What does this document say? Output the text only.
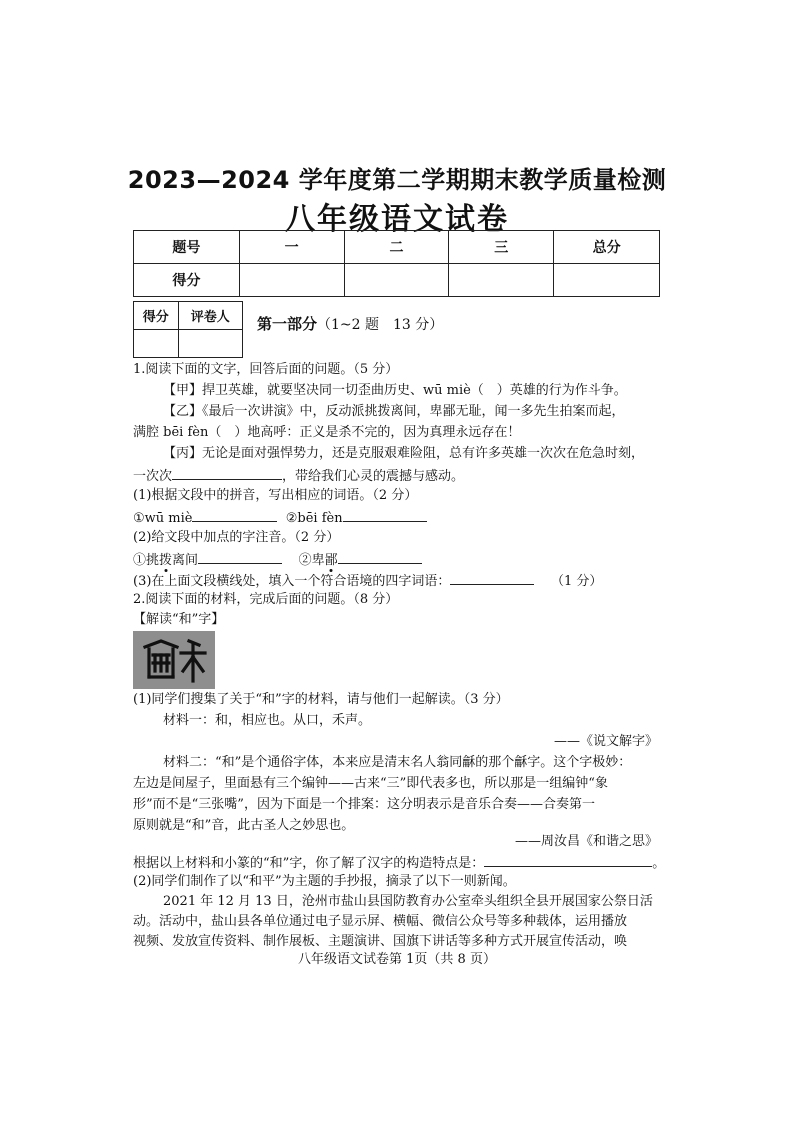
2023—2024 学年度第二学期期末教学质量检测
八年级语文试卷
题号	一	二	三	总分
得分				
得分	评卷人
	第一部分（1~2 题　13 分）
1.阅读下面的文字，回答后面的问题。（5 分）
【甲】捍卫英雄，就要坚决同一切歪曲历史、wū miè（　）英雄的行为作斗争。
【乙】《最后一次讲演》中，反动派挑拨离间，卑鄙无耻，闻一多先生拍案而起，
满腔 bēi fèn（　）地高呼：正义是杀不完的，因为真理永远存在！
【丙】无论是面对强悍势力，还是克服艰难险阻，总有许多英雄一次次在危急时刻，
一次次	，带给我们心灵的震撼与感动。
(1)根据文段中的拼音，写出相应的词语。（2 分）
①wū miè	②bēi fèn
(2)给文段中加点的字注音。（2 分）
①挑拨离间	②卑鄙
(3)在上面文段横线处，填入一个符合语境的四字词语：	（1 分）
2.阅读下面的材料，完成后面的问题。（8 分）
【解读“和”字】
(1)同学们搜集了关于“和”字的材料，请与他们一起解读。（3 分）
材料一：和，相应也。从口，禾声。
——《说文解字》
材料二：“和”是个通俗字体，本来应是清末名人翁同龢的那个龢字。这个字极妙：
左边是间屋子，里面悬有三个编钟——古来“三”即代表多也，所以那是一组编钟“象
形”而不是“三张嘴”，因为下面是一个排案：这分明表示是音乐合奏——合奏第一
原则就是“和”音，此古圣人之妙思也。
——周汝昌《和谐之思》
根据以上材料和小篆的“和”字，你了解了汉字的构造特点是：	。
(2)同学们制作了以“和平”为主题的手抄报，摘录了以下一则新闻。
2021 年 12 月 13 日，沧州市盐山县国防教育办公室牵头组织全县开展国家公祭日活
动。活动中，盐山县各单位通过电子显示屏、横幅、微信公众号等多种载体，运用播放
视频、发放宣传资料、制作展板、主题演讲、国旗下讲话等多种方式开展宣传活动，唤
八年级语文试卷第 1页（共 8 页）
